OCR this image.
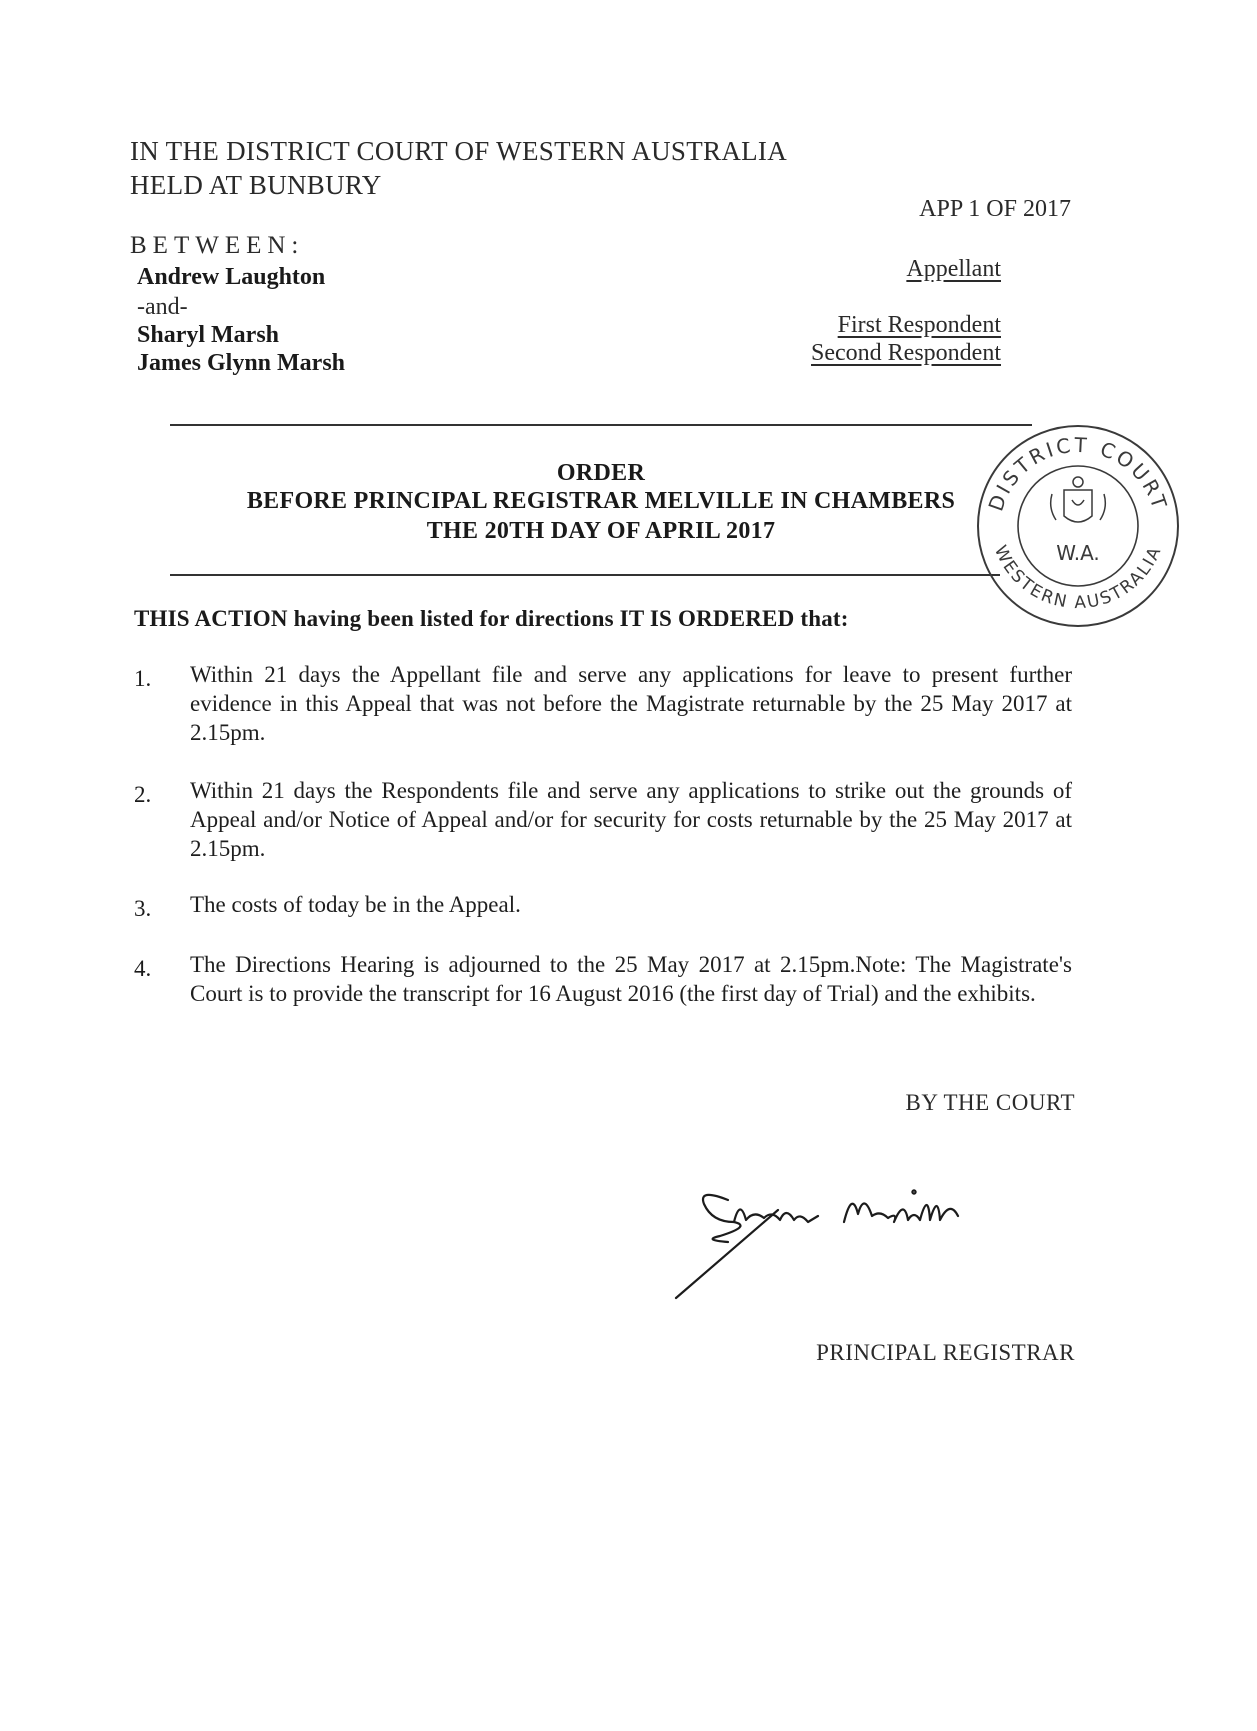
IN THE DISTRICT COURT OF WESTERN AUSTRALIA
HELD AT BUNBURY
APP 1 OF 2017
BETWEEN:
Andrew Laughton
-and-
Sharyl Marsh
James Glynn Marsh
Appellant
First Respondent
Second Respondent
ORDER
BEFORE PRINCIPAL REGISTRAR MELVILLE IN CHAMBERS
THE 20TH DAY OF APRIL 2017
DISTRICT COURT
WESTERN AUSTRALIA
W.A.
THIS ACTION having been listed for directions IT IS ORDERED that:
1. Within 21 days the Appellant file and serve any applications for leave to present further evidence in this Appeal that was not before the Magistrate returnable by the 25 May 2017 at 2.15pm.
2. Within 21 days the Respondents file and serve any applications to strike out the grounds of Appeal and/or Notice of Appeal and/or for security for costs returnable by the 25 May 2017 at 2.15pm.
3. The costs of today be in the Appeal.
4. The Directions Hearing is adjourned to the 25 May 2017 at 2.15pm.Note: The Magistrate's Court is to provide the transcript for 16 August 2016 (the first day of Trial) and the exhibits.
BY THE COURT
PRINCIPAL REGISTRAR
